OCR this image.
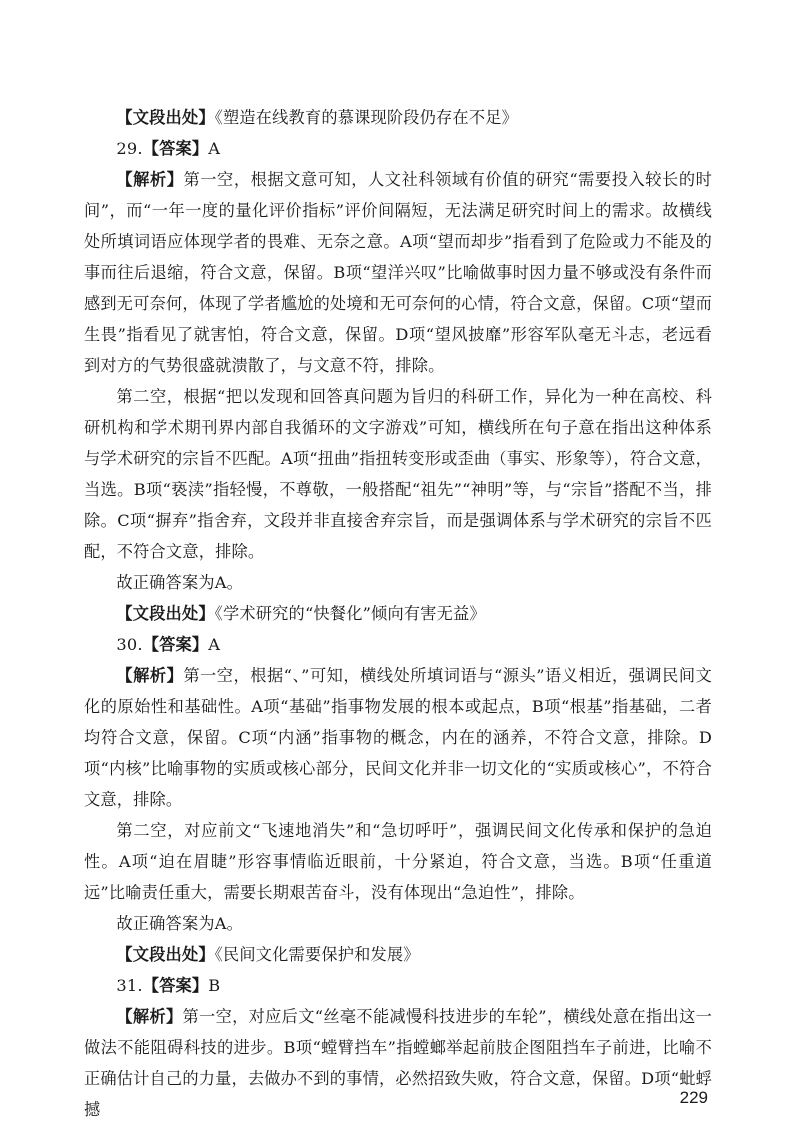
【文段出处】《塑造在线教育的慕课现阶段仍存在不足》

29.【答案】A

【解析】第一空，根据文意可知，人文社科领域有价值的研究“需要投入较长的时间”，而“一年一度的量化评价指标”评价间隔短，无法满足研究时间上的需求。故横线处所填词语应体现学者的畏难、无奈之意。A项“望而却步”指看到了危险或力不能及的事而往后退缩，符合文意，保留。B项“望洋兴叹”比喻做事时因力量不够或没有条件而感到无可奈何，体现了学者尴尬的处境和无可奈何的心情，符合文意，保留。C项“望而生畏”指看见了就害怕，符合文意，保留。D项“望风披靡”形容军队毫无斗志，老远看到对方的气势很盛就溃散了，与文意不符，排除。

第二空，根据“把以发现和回答真问题为旨归的科研工作，异化为一种在高校、科研机构和学术期刊界内部自我循环的文字游戏”可知，横线所在句子意在指出这种体系与学术研究的宗旨不匹配。A项“扭曲”指扭转变形或歪曲（事实、形象等），符合文意，当选。B项“亵渎”指轻慢，不尊敬，一般搭配“祖先”“神明”等，与“宗旨”搭配不当，排除。C项“摒弃”指舍弃，文段并非直接舍弃宗旨，而是强调体系与学术研究的宗旨不匹配，不符合文意，排除。

故正确答案为A。

【文段出处】《学术研究的“快餐化”倾向有害无益》

30.【答案】A

【解析】第一空，根据“、”可知，横线处所填词语与“源头”语义相近，强调民间文化的原始性和基础性。A项“基础”指事物发展的根本或起点，B项“根基”指基础，二者均符合文意，保留。C项“内涵”指事物的概念，内在的涵养，不符合文意，排除。D项“内核”比喻事物的实质或核心部分，民间文化并非一切文化的“实质或核心”，不符合文意，排除。

第二空，对应前文“飞速地消失”和“急切呼吁”，强调民间文化传承和保护的急迫性。A项“迫在眉睫”形容事情临近眼前，十分紧迫，符合文意，当选。B项“任重道远”比喻责任重大，需要长期艰苦奋斗，没有体现出“急迫性”，排除。

故正确答案为A。

【文段出处】《民间文化需要保护和发展》

31.【答案】B

【解析】第一空，对应后文“丝毫不能减慢科技进步的车轮”，横线处意在指出这一做法不能阻碍科技的进步。B项“螳臂挡车”指螳螂举起前肢企图阻挡车子前进，比喻不正确估计自己的力量，去做办不到的事情，必然招致失败，符合文意，保留。D项“蚍蜉撼

229
